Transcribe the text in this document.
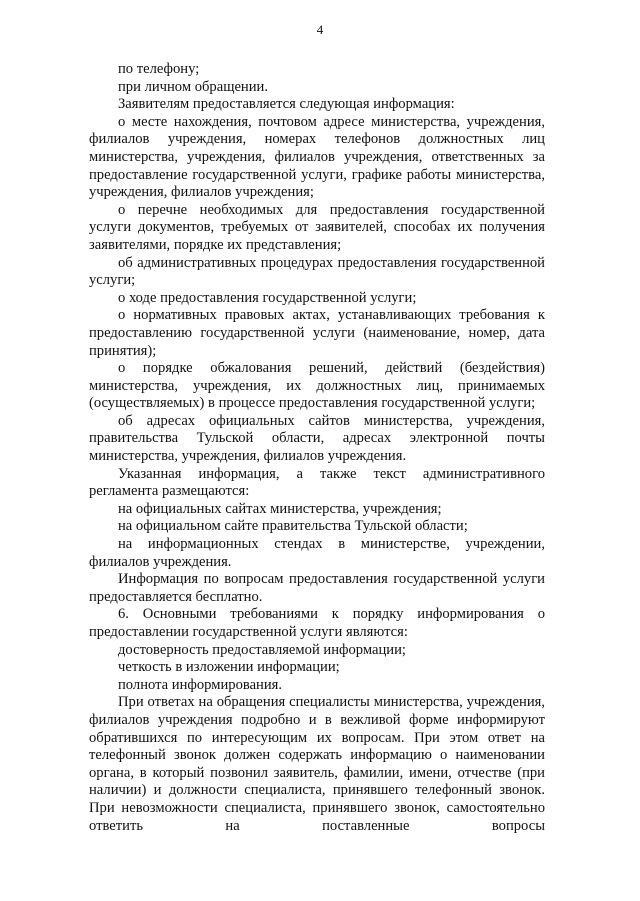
4

по телефону;

при личном обращении.

Заявителям предоставляется следующая информация:

о месте нахождения, почтовом адресе министерства, учреждения, филиалов учреждения, номерах телефонов должностных лиц министерства, учреждения, филиалов учреждения, ответственных за предоставление государственной услуги, графике работы министерства, учреждения, филиалов учреждения;

о перечне необходимых для предоставления государственной услуги документов, требуемых от заявителей, способах их получения заявителями, порядке их представления;

об административных процедурах предоставления государственной услуги;

о ходе предоставления государственной услуги;

о нормативных правовых актах, устанавливающих требования к предоставлению государственной услуги (наименование, номер, дата принятия);

о порядке обжалования решений, действий (бездействия) министерства, учреждения, их должностных лиц, принимаемых (осуществляемых) в процессе предоставления государственной услуги;

об адресах официальных сайтов министерства, учреждения, правительства Тульской области, адресах электронной почты министерства, учреждения, филиалов учреждения.

Указанная информация, а также текст административного регламента размещаются:

на официальных сайтах министерства, учреждения;

на официальном сайте правительства Тульской области;

на информационных стендах в министерстве, учреждении, филиалов учреждения.

Информация по вопросам предоставления государственной услуги предоставляется бесплатно.

6. Основными требованиями к порядку информирования о предоставлении государственной услуги являются:

достоверность предоставляемой информации;

четкость в изложении информации;

полнота информирования.

При ответах на обращения специалисты министерства, учреждения, филиалов учреждения подробно и в вежливой форме информируют обратившихся по интересующим их вопросам. При этом ответ на телефонный звонок должен содержать информацию о наименовании органа, в который позвонил заявитель, фамилии, имени, отчестве (при наличии) и должности специалиста, принявшего телефонный звонок. При невозможности специалиста, принявшего звонок, самостоятельно ответить на поставленные вопросы
